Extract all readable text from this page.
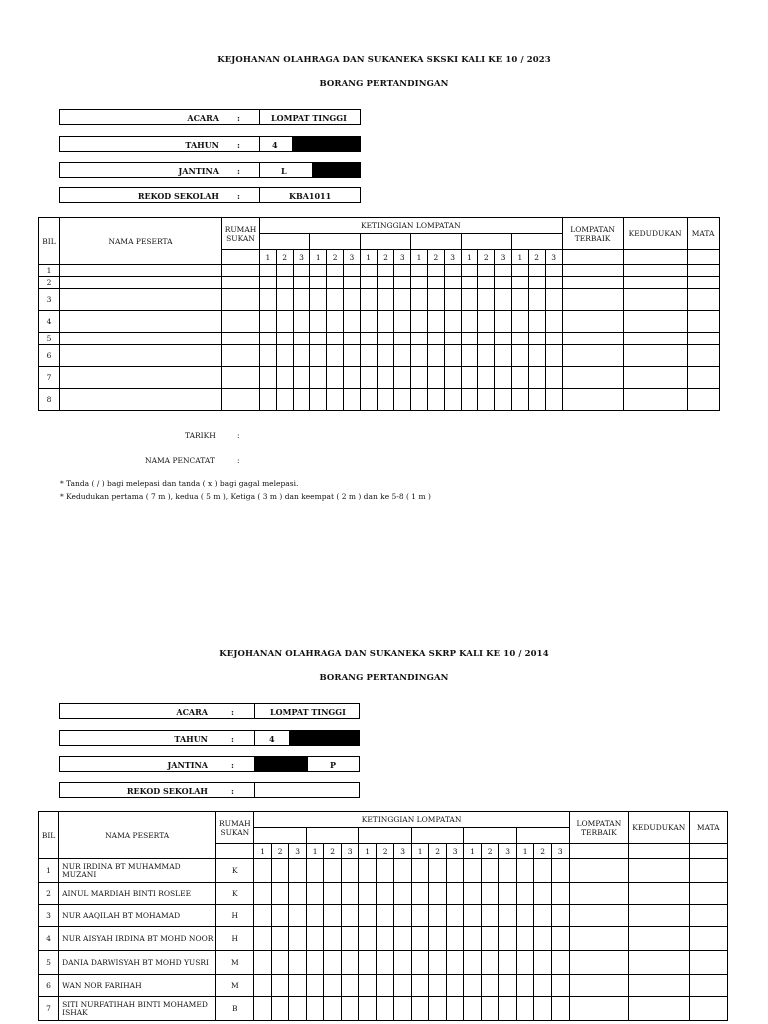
KEJOHANAN OLAHRAGA DAN SUKANEKA SKSKI KALI KE 10 / 2023
BORANG PERTANDINGAN
ACARA :	LOMPAT TINGGI
TAHUN :	4
JANTINA :	L
REKOD SEKOLAH :	KBA1011
BIL	NAMA PESERTA	RUMAH SUKAN	KETINGGIAN LOMPATAN																		LOMPATAN TERBAIK	KEDUDUKAN	MATA

			1	2	3	1	2	3	1	2	3	1	2	3	1	2	3	1	2	3			
1																							
2																							
3																							
4																							
5																							
6																							
7																							
8																							
TARIKH	:
NAMA PENCATAT	:
* Tanda ( / ) bagi melepasi dan tanda ( x ) bagi gagal melepasi.
* Kedudukan pertama ( 7 m ), kedua ( 5 m ), Ketiga ( 3 m ) dan keempat ( 2 m ) dan ke 5-8 ( 1 m )
KEJOHANAN OLAHRAGA DAN SUKANEKA SKRP KALI KE 10 / 2014
BORANG PERTANDINGAN
ACARA	:	LOMPAT TINGGI
TAHUN	:	4
JANTINA	:	P
REKOD SEKOLAH	:
BIL	NAMA PESERTA	RUMAH SUKAN	KETINGGIAN LOMPATAN																		LOMPATAN TERBAIK	KEDUDUKAN	MATA

			1	2	3	1	2	3	1	2	3	1	2	3	1	2	3	1	2	3			
1	NUR IRDINA BT MUHAMMAD MUZANI	K																					
2	AINUL MARDIAH BINTI ROSLEE	K																					
3	NUR AAQILAH BT MOHAMAD	H																					
4	NUR AISYAH IRDINA BT MOHD NOOR	H																					
5	DANIA DARWISYAH BT MOHD YUSRI	M																					
6	WAN NOR FARIHAH	M																					
7	SITI NURFATIHAH BINTI MOHAMED ISHAK	B																					
